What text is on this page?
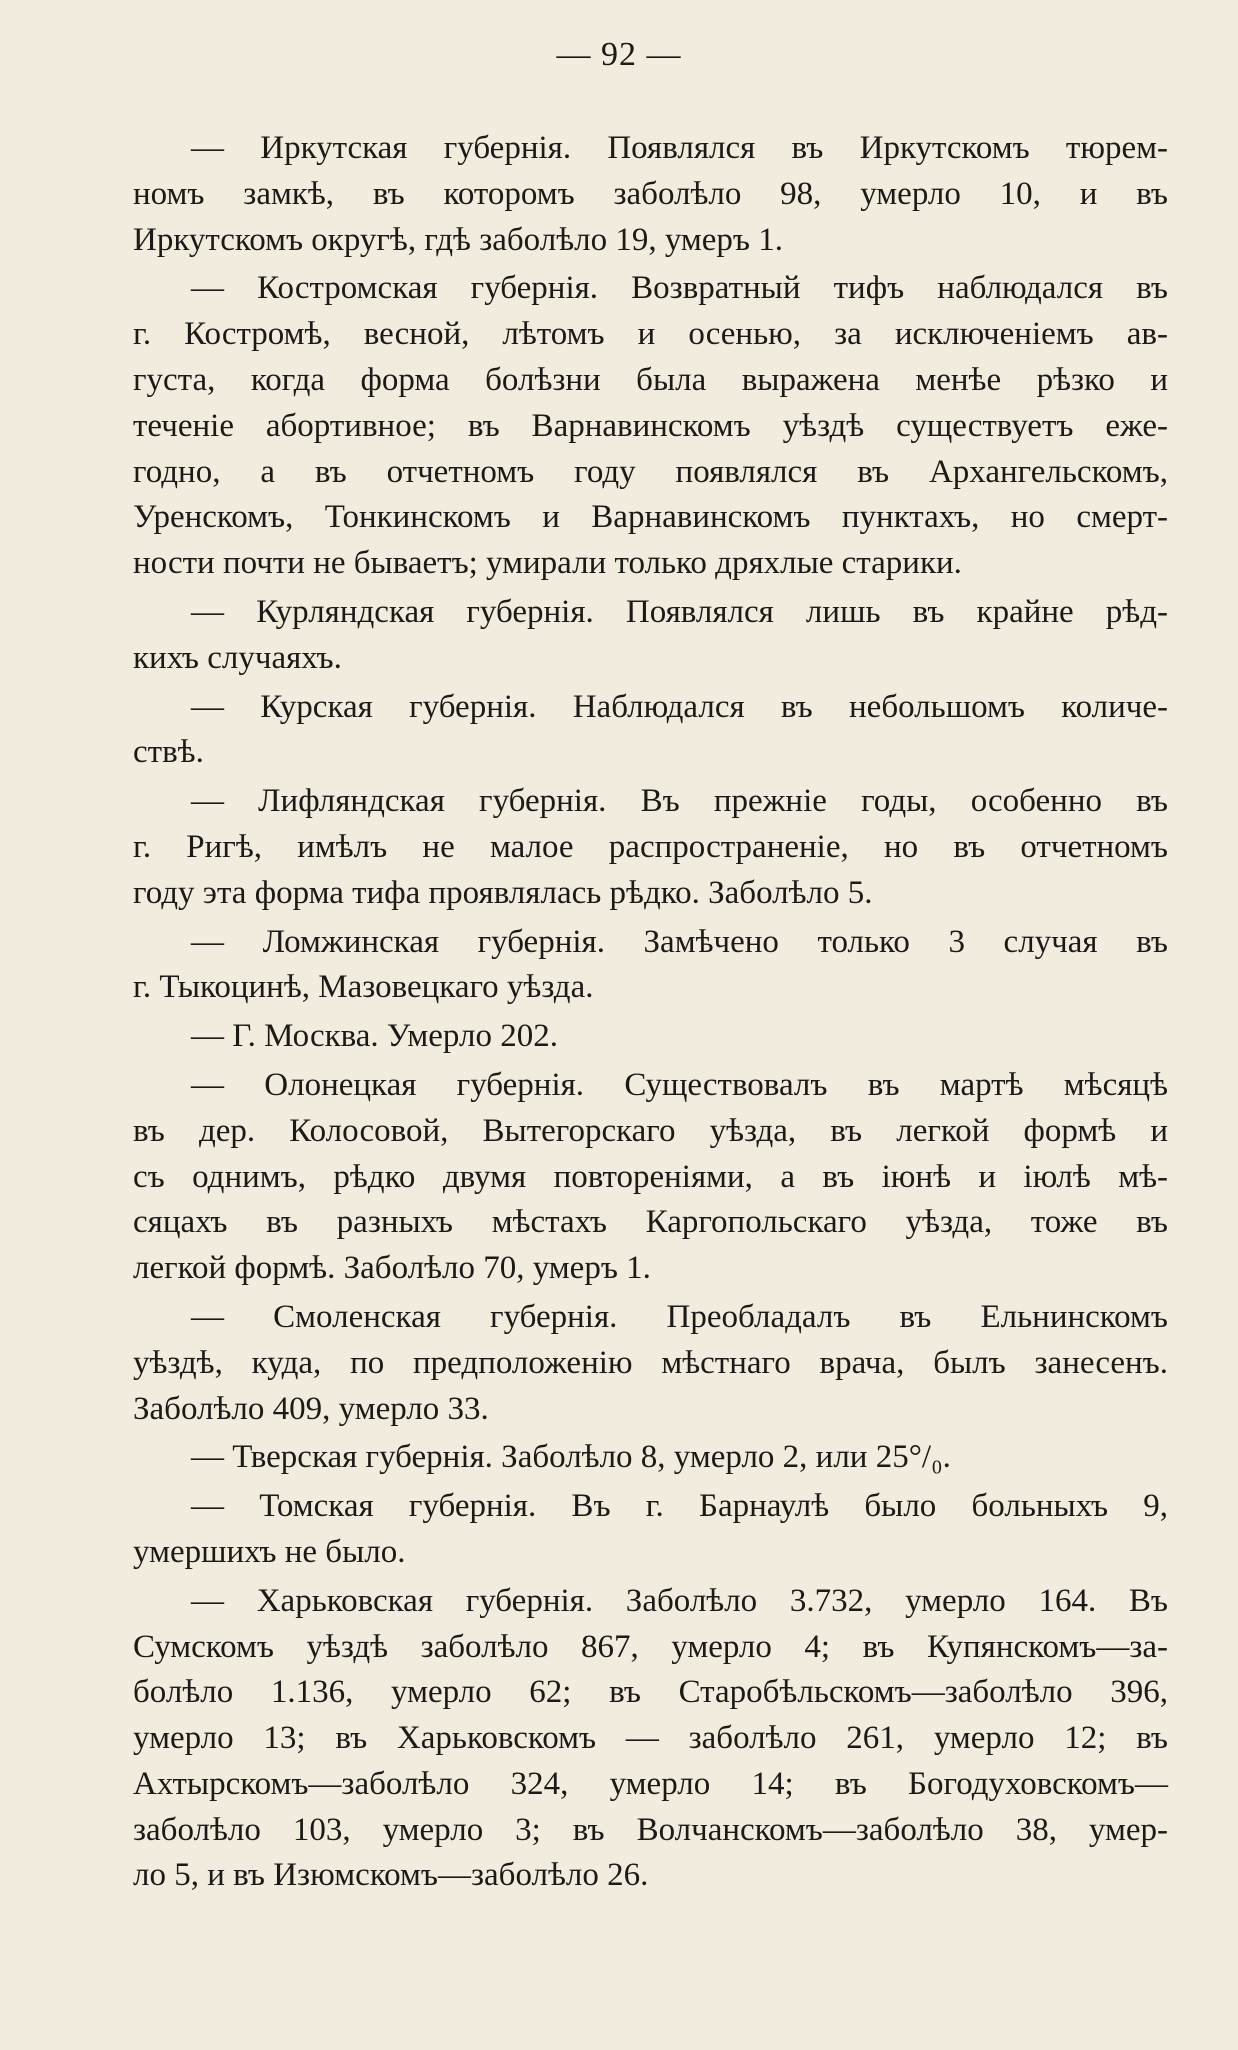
— 92 —
— Иркутская губернія. Появлялся въ Иркутскомъ тюрем-
номъ замкѣ, въ которомъ заболѣло 98, умерло 10, и въ
Иркутскомъ округѣ, гдѣ заболѣло 19, умеръ 1.
— Костромская губернія. Возвратный тифъ наблюдался въ
г. Костромѣ, весной, лѣтомъ и осенью, за исключеніемъ ав-
густа, когда форма болѣзни была выражена менѣе рѣзко и
теченіе абортивное; въ Варнавинскомъ уѣздѣ существуетъ еже-
годно, а въ отчетномъ году появлялся въ Архангельскомъ,
Уренскомъ, Тонкинскомъ и Варнавинскомъ пунктахъ, но смерт-
ности почти не бываетъ; умирали только дряхлые старики.
— Курляндская губернія. Появлялся лишь въ крайне рѣд-
кихъ случаяхъ.
— Курская губернія. Наблюдался въ небольшомъ количе-
ствѣ.
— Лифляндская губернія. Въ прежніе годы, особенно въ
г. Ригѣ, имѣлъ не малое распространеніе, но въ отчетномъ
году эта форма тифа проявлялась рѣдко. Заболѣло 5.
— Ломжинская губернія. Замѣчено только 3 случая въ
г. Тыкоцинѣ, Мазовецкаго уѣзда.
— Г. Москва. Умерло 202.
— Олонецкая губернія. Существовалъ въ мартѣ мѣсяцѣ
въ дер. Колосовой, Вытегорскаго уѣзда, въ легкой формѣ и
съ однимъ, рѣдко двумя повтореніями, а въ іюнѣ и іюлѣ мѣ-
сяцахъ въ разныхъ мѣстахъ Каргопольскаго уѣзда, тоже въ
легкой формѣ. Заболѣло 70, умеръ 1.
— Смоленская губернія. Преобладалъ въ Ельнинскомъ
уѣздѣ, куда, по предположенію мѣстнаго врача, былъ занесенъ.
Заболѣло 409, умерло 33.
— Тверская губернія. Заболѣло 8, умерло 2, или 25°/₀.
— Томская губернія. Въ г. Барнаулѣ было больныхъ 9,
умершихъ не было.
— Харьковская губернія. Заболѣло 3.732, умерло 164. Въ
Сумскомъ уѣздѣ заболѣло 867, умерло 4; въ Купянскомъ—за-
болѣло 1.136, умерло 62; въ Старобѣльскомъ—заболѣло 396,
умерло 13; въ Харьковскомъ — заболѣло 261, умерло 12; въ
Ахтырскомъ—заболѣло 324, умерло 14; въ Богодуховскомъ—
заболѣло 103, умерло 3; въ Волчанскомъ—заболѣло 38, умер-
ло 5, и въ Изюмскомъ—заболѣло 26.
